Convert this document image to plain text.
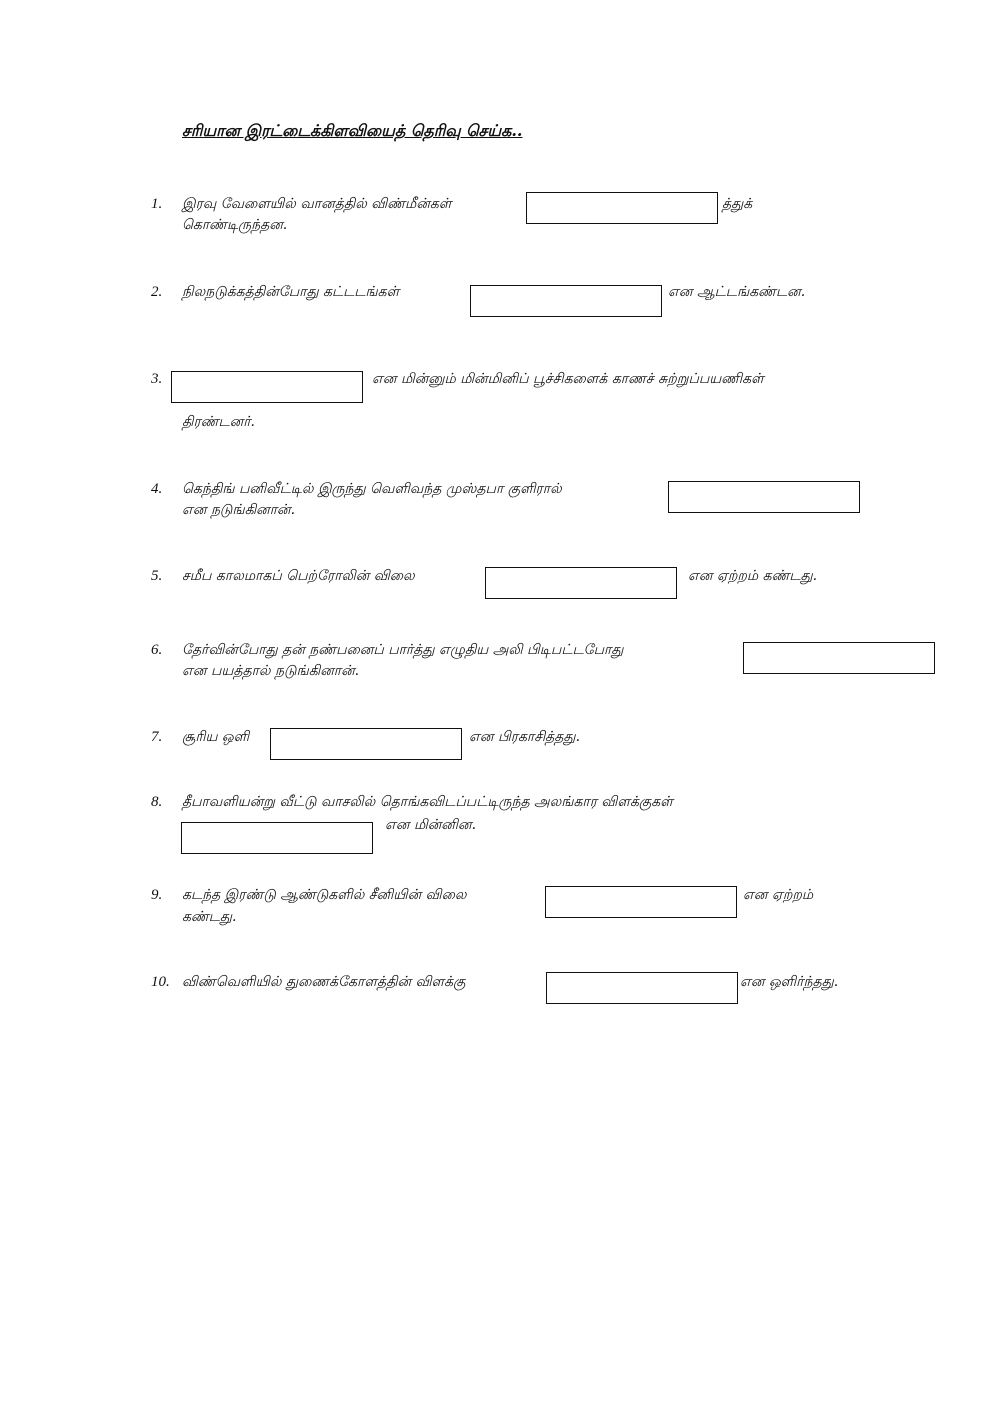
சரியான இரட்டைக்கிளவியைத் தெரிவு செய்க..
1. இரவு வேளையில் வானத்தில் விண்மீன்கள்	த்துக்
கொண்டிருந்தன.
2. நிலநடுக்கத்தின்போது கட்டடங்கள்	என ஆட்டங்கண்டன.
3.	என மின்னும் மின்மினிப் பூச்சிகளைக் காணச் சுற்றுப்பயணிகள்
திரண்டனர்.
4. கெந்திங் பனிவீட்டில் இருந்து வெளிவந்த முஸ்தபா குளிரால்
என நடுங்கினான்.
5. சமீப காலமாகப் பெற்ரோலின் விலை	என ஏற்றம் கண்டது.
6. தேர்வின்போது தன் நண்பனைப் பார்த்து எழுதிய அலி பிடிபட்டபோது
என பயத்தால் நடுங்கினான்.
7. சூரிய ஒளி	என பிரகாசித்தது.
8. தீபாவளியன்று வீட்டு வாசலில் தொங்கவிடப்பட்டிருந்த அலங்கார விளக்குகள்
என மின்னின.
9. கடந்த இரண்டு ஆண்டுகளில் சீனியின் விலை	என ஏற்றம்
கண்டது.
10. விண்வெளியில் துணைக்கோளத்தின் விளக்கு	என ஒளிர்ந்தது.
